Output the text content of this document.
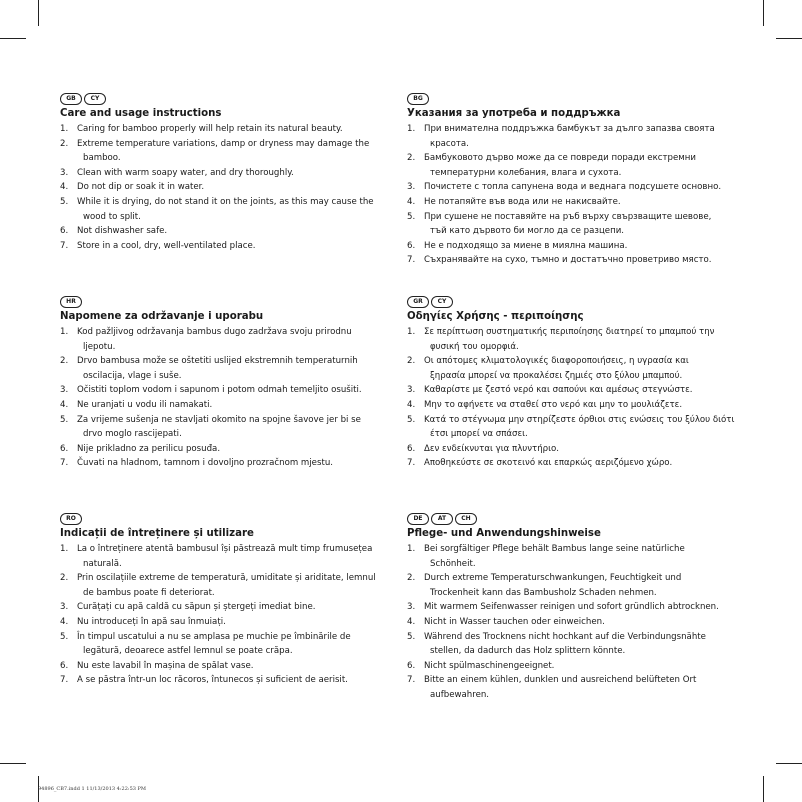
GB	CY
Care and usage instructions
1. Caring for bamboo properly will help retain its natural beauty.
2. Extreme temperature variations, damp or dryness may damage the
bamboo.
3. Clean with warm soapy water, and dry thoroughly.
4. Do not dip or soak it in water.
5. While it is drying, do not stand it on the joints, as this may cause the
wood to split.
6. Not dishwasher safe.
7. Store in a cool, dry, well-ventilated place.
BG
Указания за употреба и поддръжка
1. При внимателна поддръжка бамбукът за дълго запазва своята
красота.
2. Бамбуковото дърво може да се повреди поради екстремни
температурни колебания, влага и сухота.
3. Почистете с топла сапунена вода и веднага подсушете основно.
4. Не потапяйте във вода или не накисвайте.
5. При сушене не поставяйте на ръб върху свързващите шевове,
тъй като дървото би могло да се разцепи.
6. Не е подходящо за миене в миялна машина.
7. Съхранявайте на сухо, тъмно и достатъчно проветриво място.
HR
Napomene za održavanje i uporabu
1. Kod pažljivog održavanja bambus dugo zadržava svoju prirodnu
ljepotu.
2. Drvo bambusa može se oštetiti uslijed ekstremnih temperaturnih
oscilacija, vlage i suše.
3. Očistiti toplom vodom i sapunom i potom odmah temeljito osušiti.
4. Ne uranjati u vodu ili namakati.
5. Za vrijeme sušenja ne stavljati okomito na spojne šavove jer bi se
drvo moglo rascijepati.
6. Nije prikladno za perilicu posuđa.
7. Čuvati na hladnom, tamnom i dovoljno prozračnom mjestu.
GR	CY
Οδηγίες Χρήσης - περιποίησης
1. Σε περίπτωση συστηματικής περιποίησης διατηρεί το μπαμπού την
φυσική του ομορφιά.
2. Οι απότομες κλιματολογικές διαφοροποιήσεις, η υγρασία και
ξηρασία μπορεί να προκαλέσει ζημιές στο ξύλου μπαμπού.
3. Καθαρίστε με ζεστό νερό και σαπούνι και αμέσως στεγνώστε.
4. Μην το αφήνετε να σταθεί στο νερό και μην το μουλιάζετε.
5. Κατά το στέγνωμα μην στηρίζεστε όρθιοι στις ενώσεις του ξύλου διότι
έτσι μπορεί να σπάσει.
6. Δεν ενδείκνυται για πλυντήριο.
7. Αποθηκεύστε σε σκοτεινό και επαρκώς αεριζόμενο χώρο.
RO
Indicații de întreținere și utilizare
1. La o întreținere atentă bambusul își păstrează mult timp frumusețea
naturală.
2. Prin oscilațiile extreme de temperatură, umiditate și ariditate, lemnul
de bambus poate fi deteriorat.
3. Curățați cu apă caldă cu săpun și ștergeți imediat bine.
4. Nu introduceți în apă sau înmuiați.
5. În timpul uscatului a nu se amplasa pe muchie pe îmbinările de
legătură, deoarece astfel lemnul se poate crăpa.
6. Nu este lavabil în mașina de spălat vase.
7. A se păstra într-un loc răcoros, întunecos și suficient de aerisit.
DE	AT	CH
Pflege- und Anwendungshinweise
1. Bei sorgfältiger Pflege behält Bambus lange seine natürliche
Schönheit.
2. Durch extreme Temperaturschwankungen, Feuchtigkeit und
Trockenheit kann das Bambusholz Schaden nehmen.
3. Mit warmem Seifenwasser reinigen und sofort gründlich abtrocknen.
4. Nicht in Wasser tauchen oder einweichen.
5. Während des Trocknens nicht hochkant auf die Verbindungsnähte
stellen, da dadurch das Holz splittern könnte.
6. Nicht spülmaschinengeeignet.
7. Bitte an einem kühlen, dunklen und ausreichend belüfteten Ort
aufbewahren.
94896_CB7.indd 1 11/13/2013 4:22:53 PM
